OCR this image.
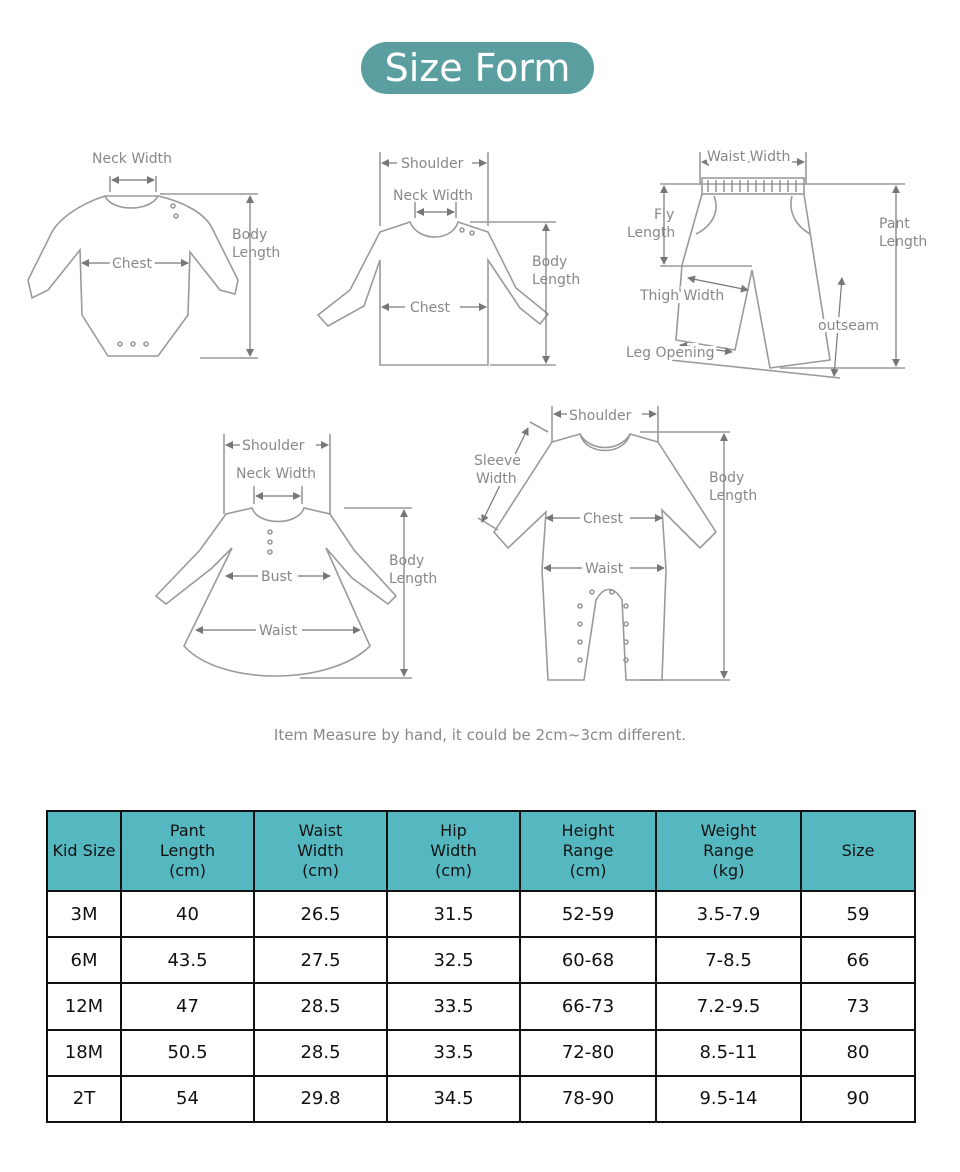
Size Form
Neck Width
Chest
Body
Length
Shoulder
Neck Width
Chest
Body
Length
Waist Width
Fly
Length
Pant
Length
Thigh Width
outseam
Leg Opening
Shoulder
Neck Width
Bust
Waist
Body
Length
Shoulder
Sleeve
Width
Chest
Waist
Body
Length
Item Measure by hand, it could be 2cm~3cm different.
Kid Size	Pant
Length
(cm)	Waist
Width
(cm)	Hip
Width
(cm)	Height
Range
(cm)	Weight
Range
(kg)	Size
3M	40	26.5	31.5	52-59	3.5-7.9	59
6M	43.5	27.5	32.5	60-68	7-8.5	66
12M	47	28.5	33.5	66-73	7.2-9.5	73
18M	50.5	28.5	33.5	72-80	8.5-11	80
2T	54	29.8	34.5	78-90	9.5-14	90
